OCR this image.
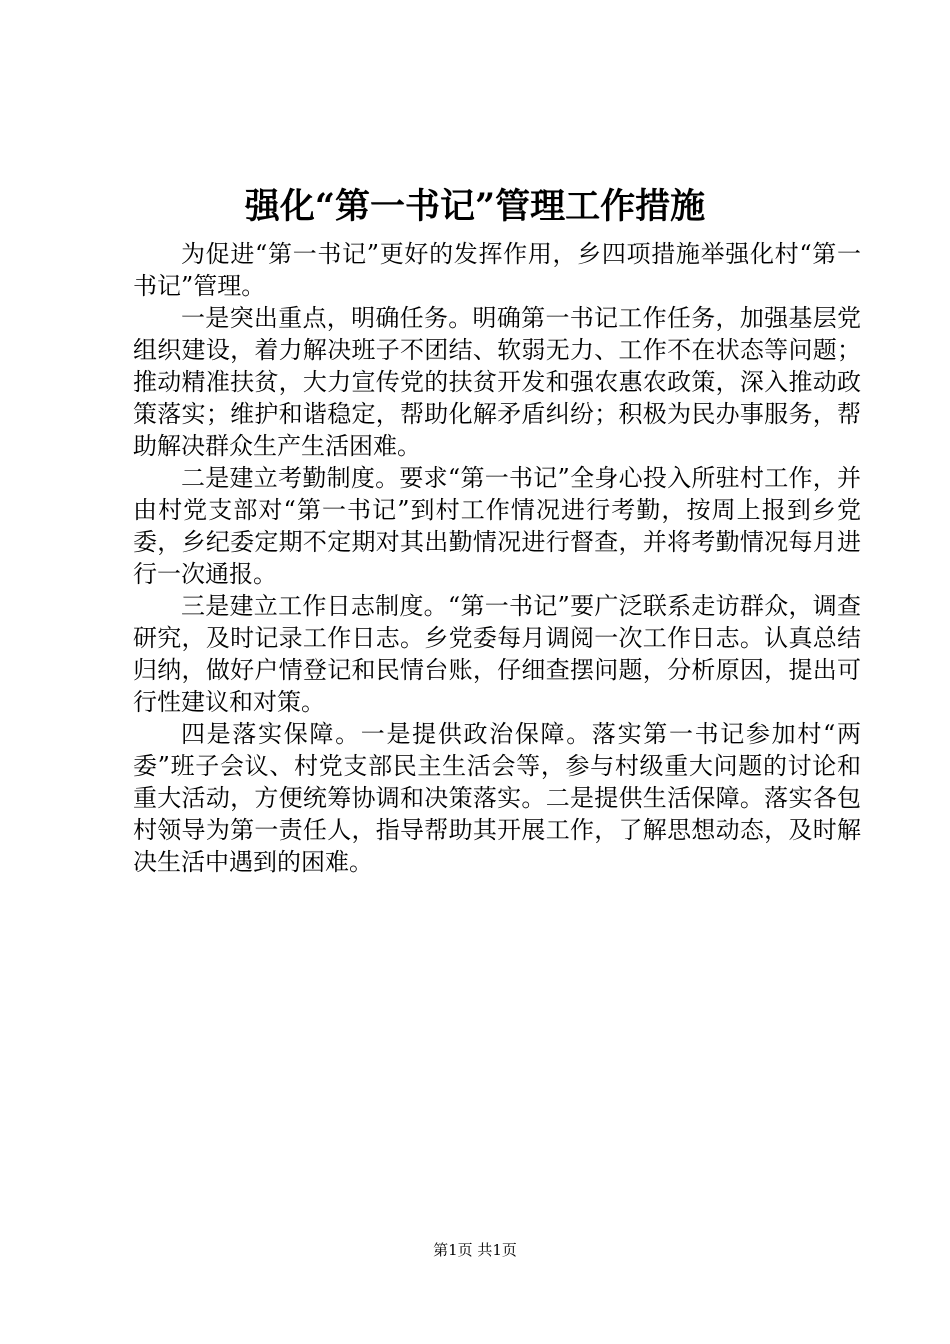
强化“第一书记”管理工作措施

为促进“第一书记”更好的发挥作用，乡四项措施举强化村“第一书记”管理。

一是突出重点，明确任务。明确第一书记工作任务，加强基层党组织建设，着力解决班子不团结、软弱无力、工作不在状态等问题；推动精准扶贫，大力宣传党的扶贫开发和强农惠农政策，深入推动政策落实；维护和谐稳定，帮助化解矛盾纠纷；积极为民办事服务，帮助解决群众生产生活困难。

二是建立考勤制度。要求“第一书记”全身心投入所驻村工作，并由村党支部对“第一书记”到村工作情况进行考勤，按周上报到乡党委，乡纪委定期不定期对其出勤情况进行督查，并将考勤情况每月进行一次通报。

三是建立工作日志制度。“第一书记”要广泛联系走访群众，调查研究，及时记录工作日志。乡党委每月调阅一次工作日志。认真总结归纳，做好户情登记和民情台账，仔细查摆问题，分析原因，提出可行性建议和对策。

四是落实保障。一是提供政治保障。落实第一书记参加村“两委”班子会议、村党支部民主生活会等，参与村级重大问题的讨论和重大活动，方便统筹协调和决策落实。二是提供生活保障。落实各包村领导为第一责任人，指导帮助其开展工作，了解思想动态，及时解决生活中遇到的困难。

第1页 共1页
